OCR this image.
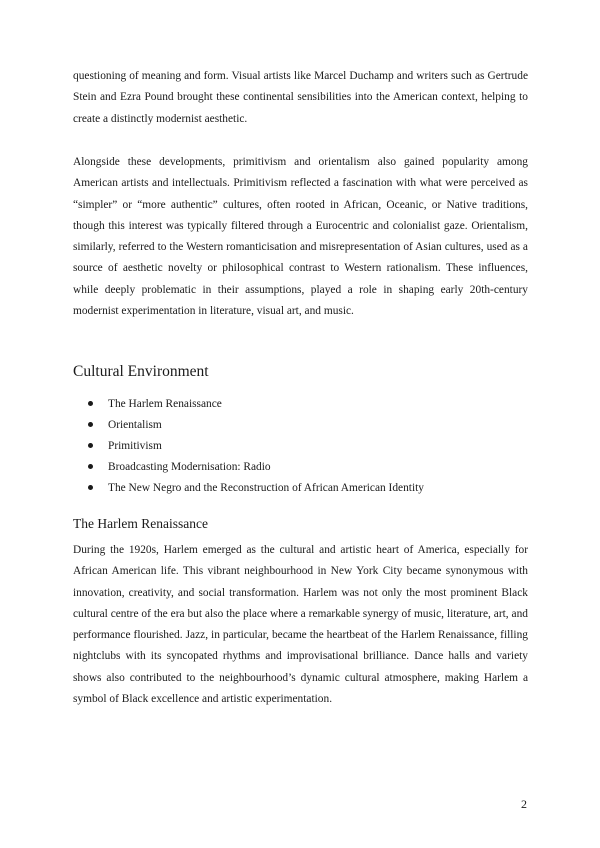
questioning of meaning and form. Visual artists like Marcel Duchamp and writers such as Gertrude Stein and Ezra Pound brought these continental sensibilities into the American context, helping to create a distinctly modernist aesthetic.

Alongside these developments, primitivism and orientalism also gained popularity among American artists and intellectuals. Primitivism reflected a fascination with what were perceived as “simpler” or “more authentic” cultures, often rooted in African, Oceanic, or Native traditions, though this interest was typically filtered through a Eurocentric and colonialist gaze. Orientalism, similarly, referred to the Western romanticisation and misrepresentation of Asian cultures, used as a source of aesthetic novelty or philosophical contrast to Western rationalism. These influences, while deeply problematic in their assumptions, played a role in shaping early 20th-century modernist experimentation in literature, visual art, and music.

Cultural Environment
The Harlem Renaissance
Orientalism
Primitivism
Broadcasting Modernisation: Radio
The New Negro and the Reconstruction of African American Identity
The Harlem Renaissance

During the 1920s, Harlem emerged as the cultural and artistic heart of America, especially for African American life. This vibrant neighbourhood in New York City became synonymous with innovation, creativity, and social transformation. Harlem was not only the most prominent Black cultural centre of the era but also the place where a remarkable synergy of music, literature, art, and performance flourished. Jazz, in particular, became the heartbeat of the Harlem Renaissance, filling nightclubs with its syncopated rhythms and improvisational brilliance. Dance halls and variety shows also contributed to the neighbourhood’s dynamic cultural atmosphere, making Harlem a symbol of Black excellence and artistic experimentation.

2
